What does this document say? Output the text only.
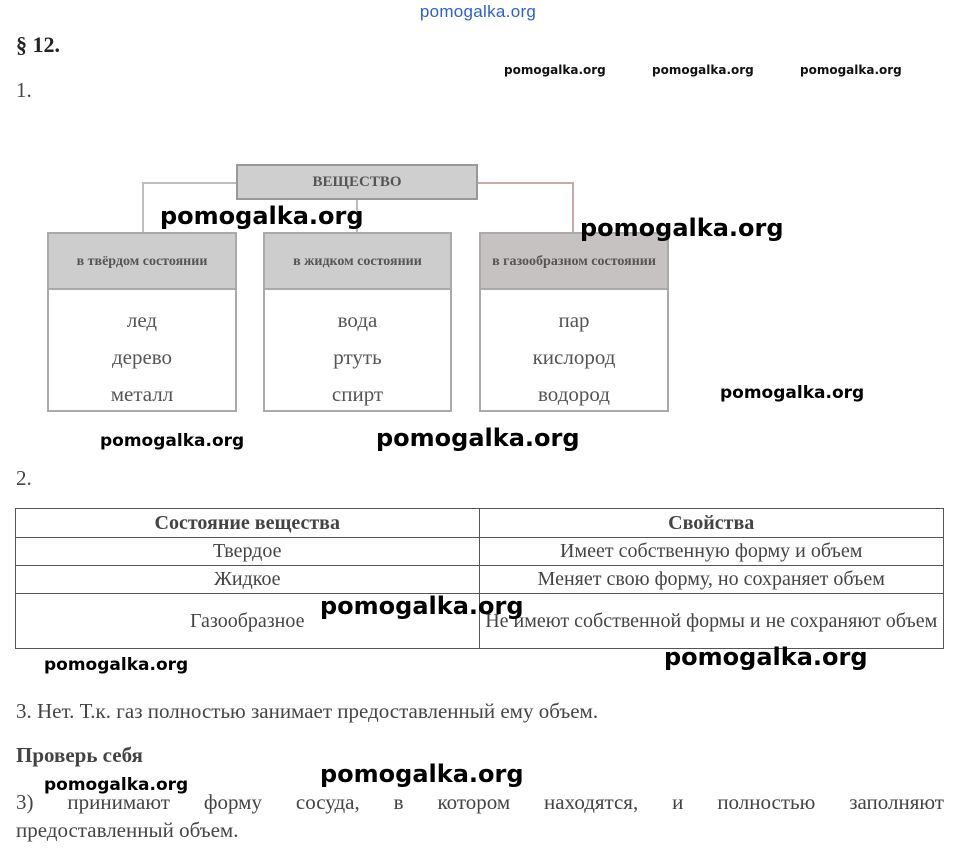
pomogalka.org
§ 12.
1.
pomogalka.org	pomogalka.org	pomogalka.org
ВЕЩЕСТВО
в твёрдом состоянии
лед
дерево
металл
в жидком состоянии
вода
ртуть
спирт
в газообразном состоянии
пар
кислород
водород
pomogalka.org	pomogalka.org
pomogalka.org
pomogalka.org	pomogalka.org
2.
Состояние вещества	Свойства
Твердое	Имеет собственную форму и объем
Жидкое	Меняет свою форму, но сохраняет объем
Газообразное	Не имеют собственной формы и не сохраняют объем
pomogalka.org
pomogalka.org	pomogalka.org
3. Нет. Т.к. газ полностью занимает предоставленный ему объем.
Проверь себя
pomogalka.org	pomogalka.org
3) принимают форму сосуда, в котором находятся, и полностью заполняют
предоставленный объем.
